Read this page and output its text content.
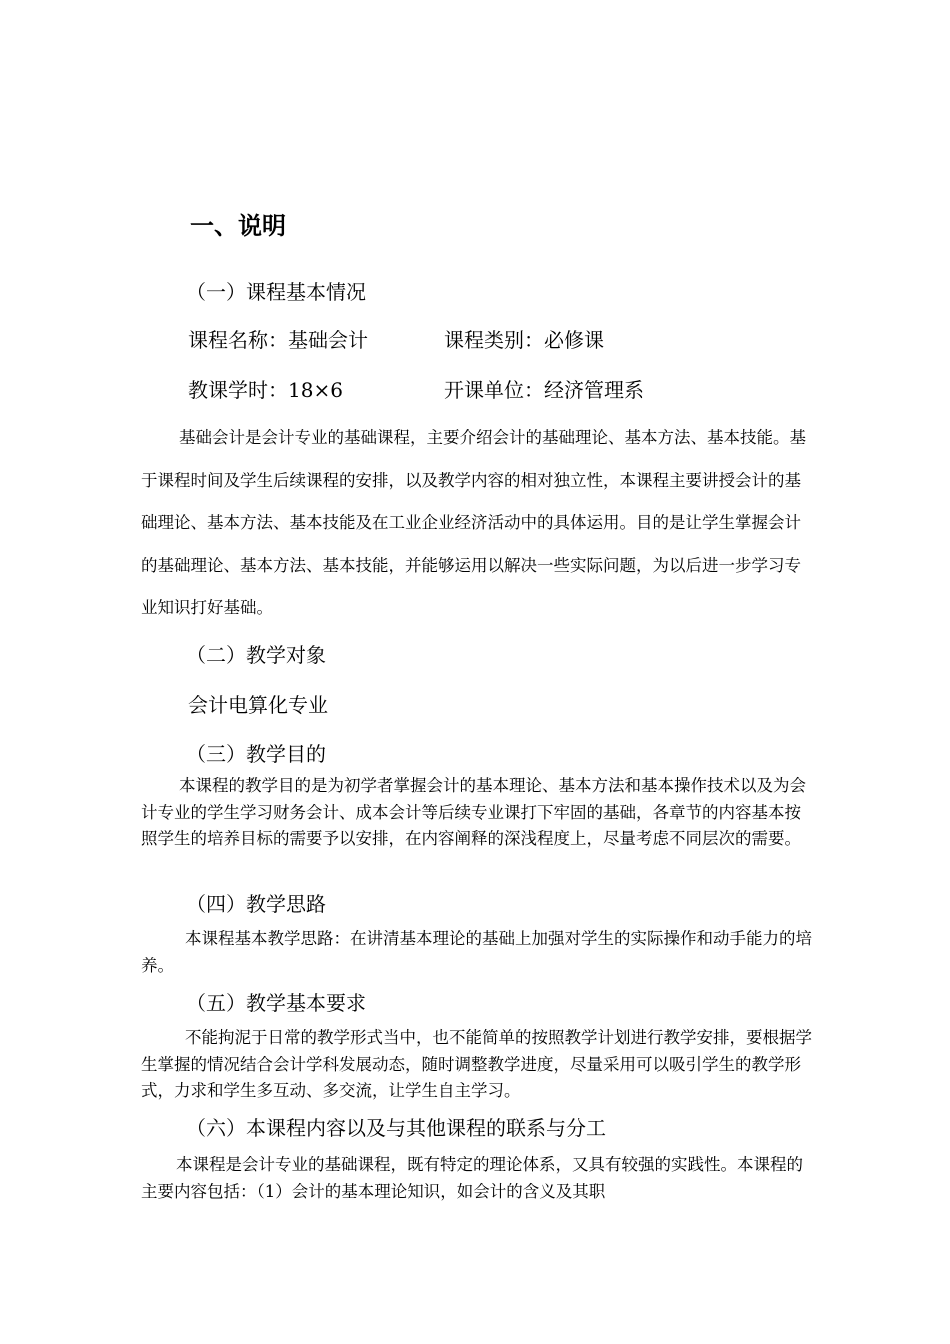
一、说明
（一）课程基本情况
课程名称：基础会计	课程类别：必修课
教课学时：18×6	开课单位：经济管理系
基础会计是会计专业的基础课程，主要介绍会计的基础理论、基本方法、基本技能。基于课程时间及学生后续课程的安排，以及教学内容的相对独立性，本课程主要讲授会计的基础理论、基本方法、基本技能及在工业企业经济活动中的具体运用。目的是让学生掌握会计的基础理论、基本方法、基本技能，并能够运用以解决一些实际问题，为以后进一步学习专业知识打好基础。
（二）教学对象
会计电算化专业
（三）教学目的
本课程的教学目的是为初学者掌握会计的基本理论、基本方法和基本操作技术以及为会计专业的学生学习财务会计、成本会计等后续专业课打下牢固的基础，各章节的内容基本按照学生的培养目标的需要予以安排，在内容阐释的深浅程度上，尽量考虑不同层次的需要。
（四）教学思路
本课程基本教学思路：在讲清基本理论的基础上加强对学生的实际操作和动手能力的培养。
（五）教学基本要求
不能拘泥于日常的教学形式当中，也不能简单的按照教学计划进行教学安排，要根据学生掌握的情况结合会计学科发展动态，随时调整教学进度，尽量采用可以吸引学生的教学形式，力求和学生多互动、多交流，让学生自主学习。
（六）本课程内容以及与其他课程的联系与分工
本课程是会计专业的基础课程，既有特定的理论体系，又具有较强的实践性。本课程的主要内容包括：（1）会计的基本理论知识，如会计的含义及其职
